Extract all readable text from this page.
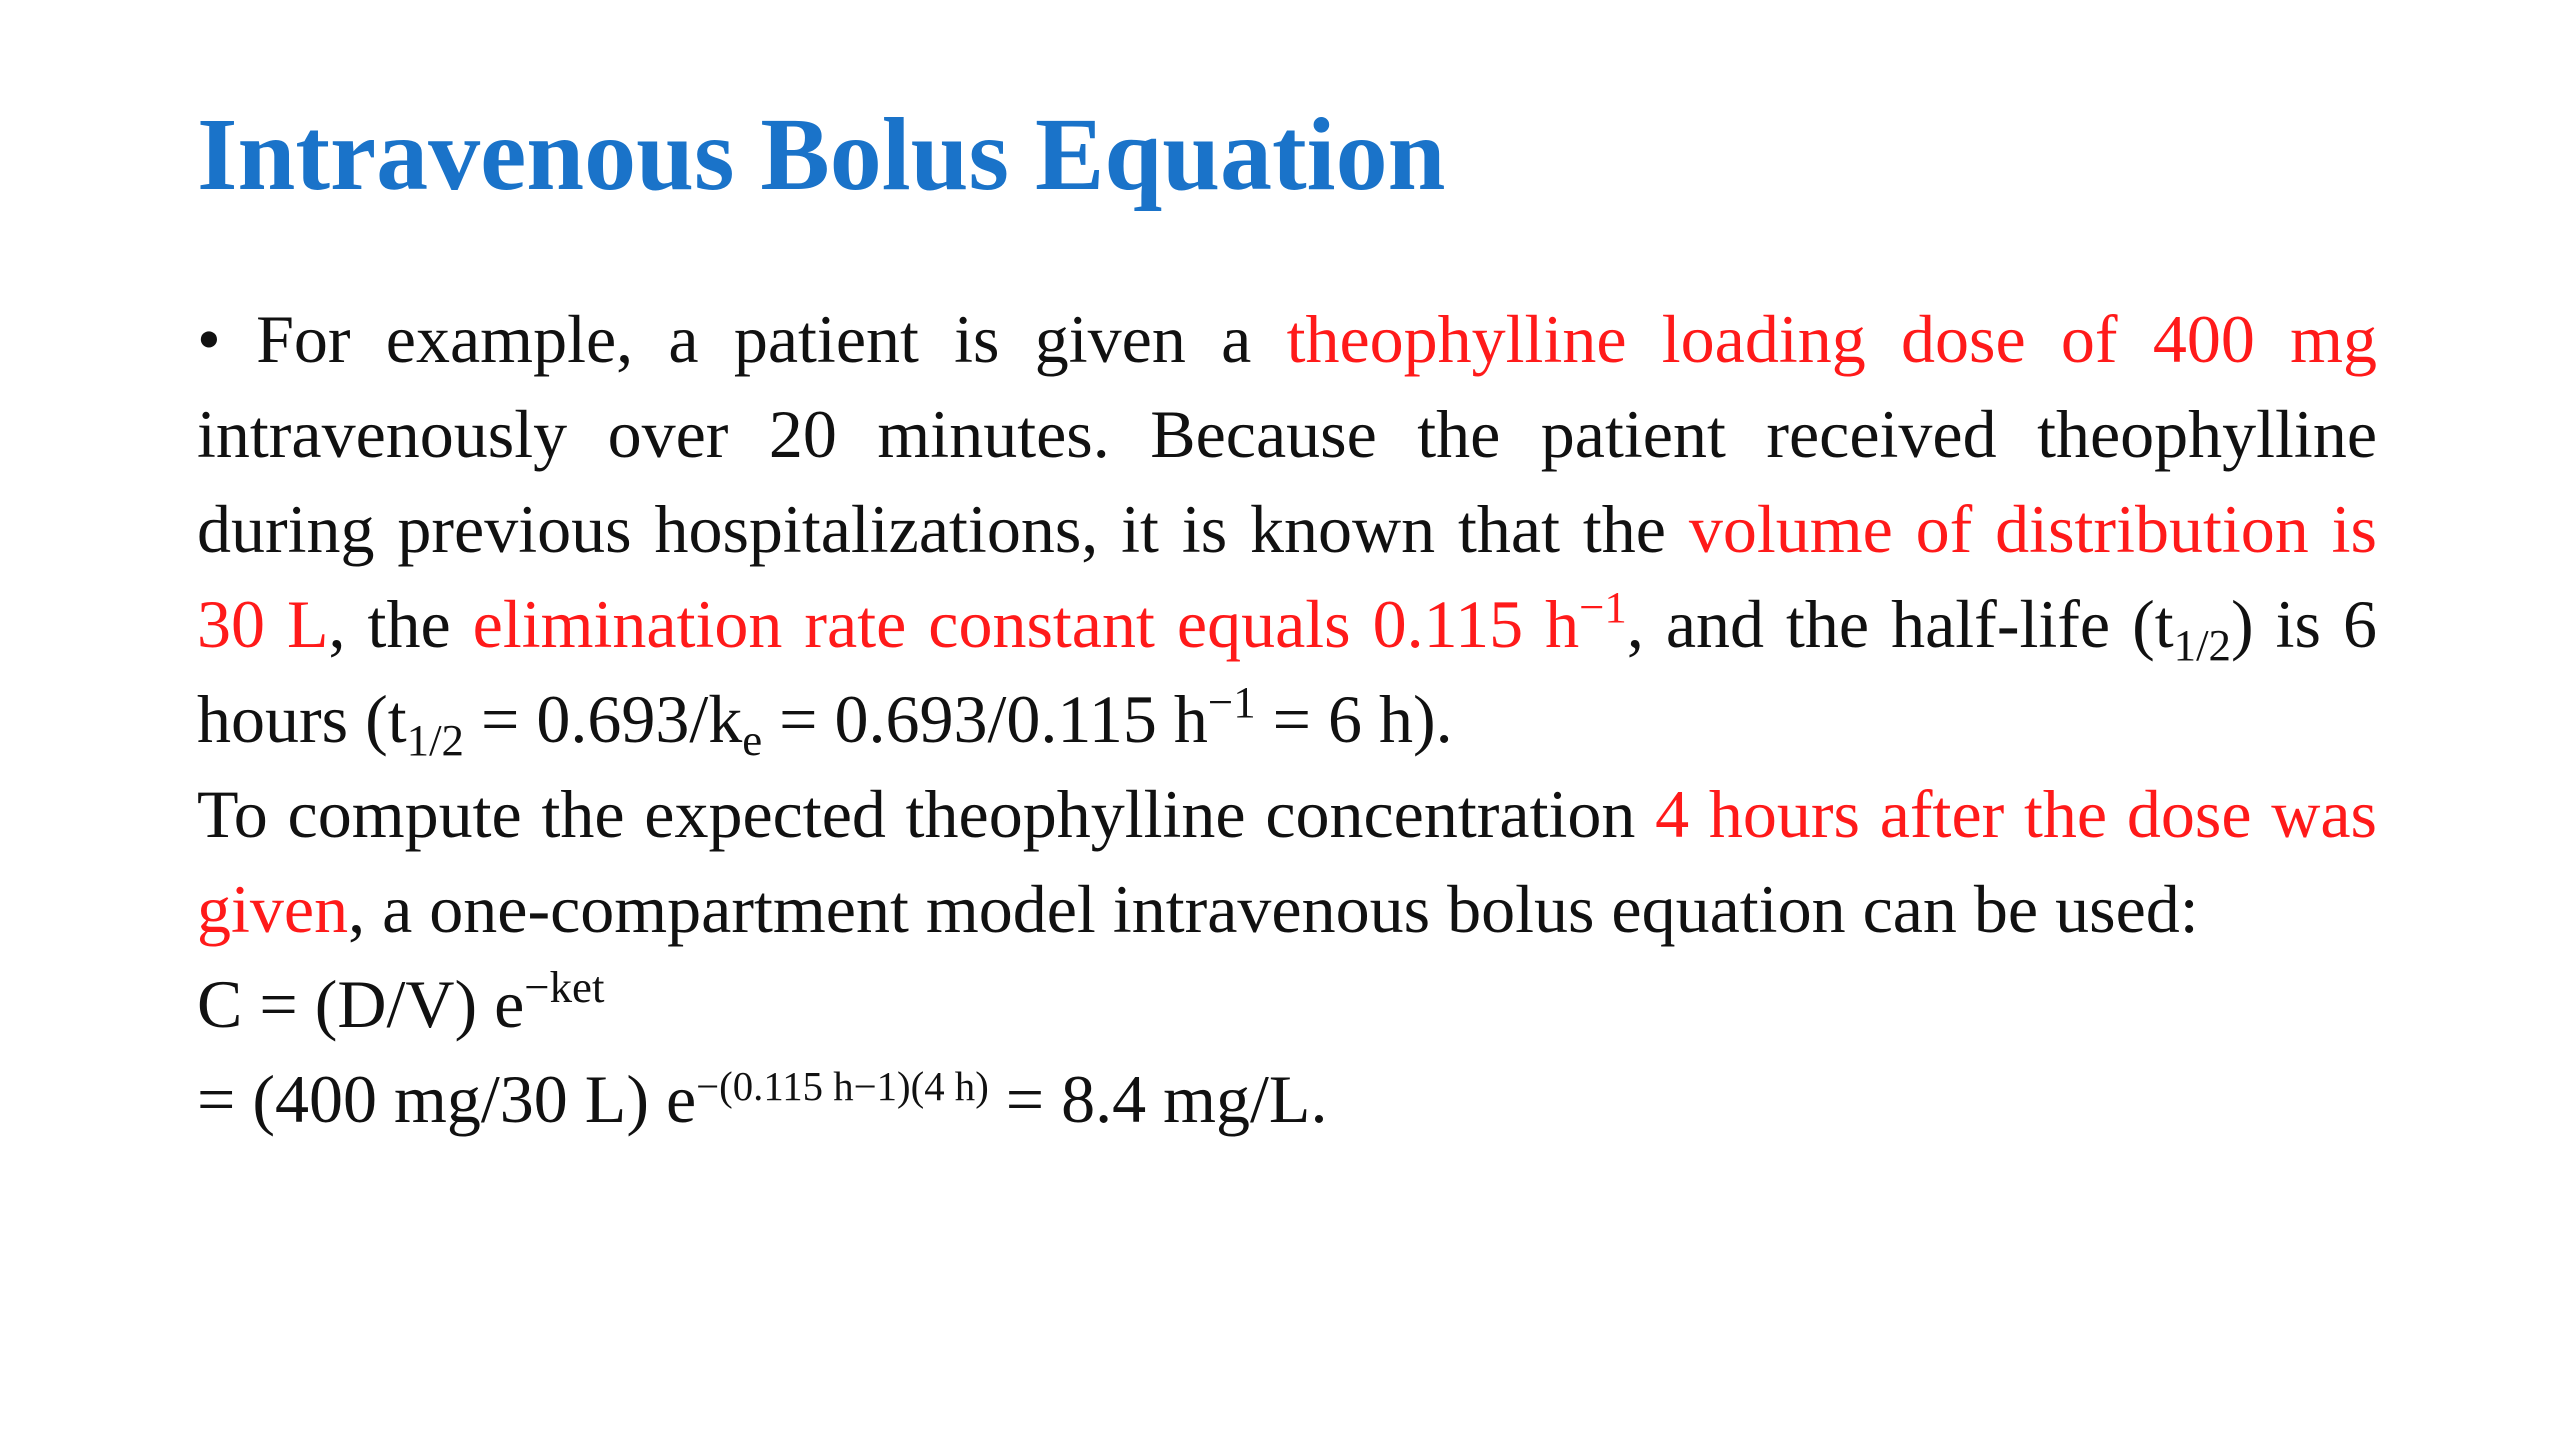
Intravenous Bolus Equation

• For example, a patient is given a theophylline loading dose of 400 mg intravenously over 20 minutes. Because the patient received theophylline during previous hospitalizations, it is known that the volume of distribution is 30 L, the elimination rate constant equals 0.115 $h^{-1}$, and the half-life $(t_{1/2})$ is 6 hours ($t_{1/2} = 0.693/k_e = 0.693/0.115$ $h^{-1} = 6$ h).

To compute the expected theophylline concentration 4 hours after the dose was given, a one-compartment model intravenous bolus equation can be used:

C = (D/V) $e^{-ket}$

= (400 mg/30 L) $e^{-(0.115 h-1)(4 h)} = 8.4$ mg/L.
